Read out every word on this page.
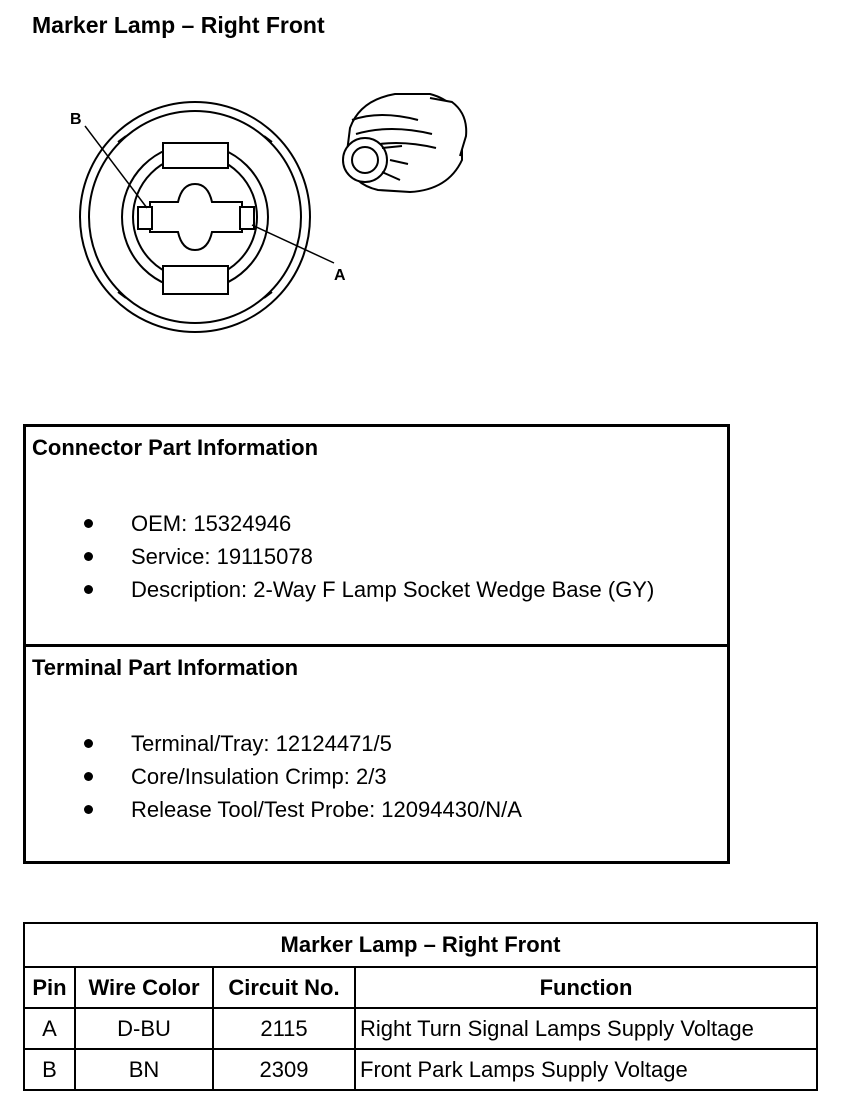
Marker Lamp – Right Front
B
A
Connector Part Information
OEM: 15324946
Service: 19115078
Description: 2-Way F Lamp Socket Wedge Base (GY)
Terminal Part Information
Terminal/Tray: 12124471/5
Core/Insulation Crimp: 2/3
Release Tool/Test Probe: 12094430/N/A
Marker Lamp – Right Front			
Pin	Wire Color	Circuit No.	Function
A	D-BU	2115	Right Turn Signal Lamps Supply Voltage
B	BN	2309	Front Park Lamps Supply Voltage
